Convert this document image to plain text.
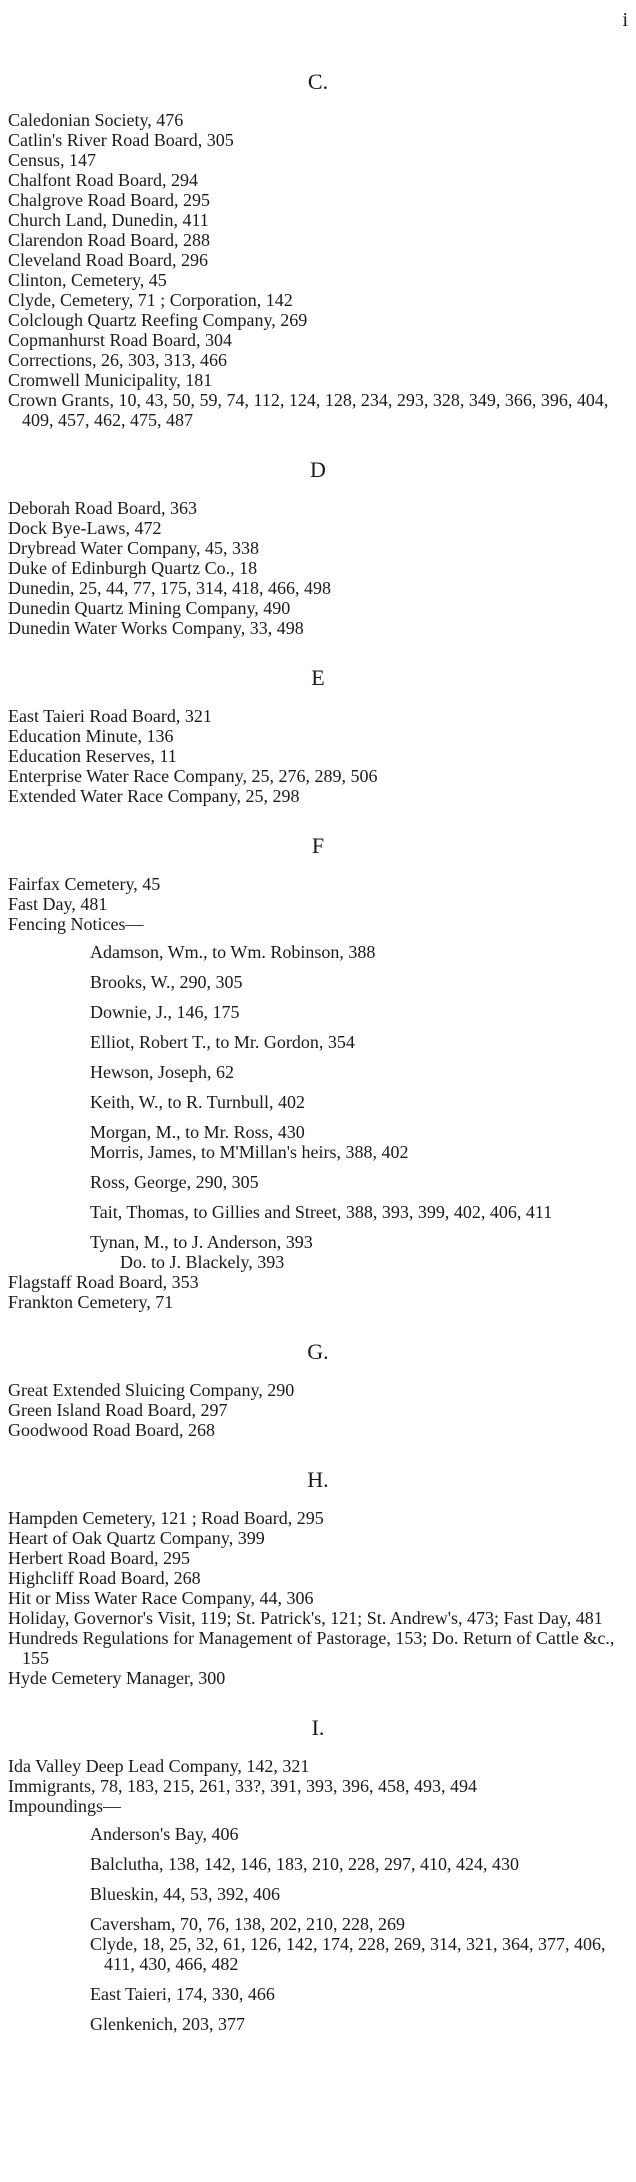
i
C.
Caledonian Society, 476
Catlin's River Road Board, 305
Census, 147
Chalfont Road Board, 294
Chalgrove Road Board, 295
Church Land, Dunedin, 411
Clarendon Road Board, 288
Cleveland Road Board, 296
Clinton, Cemetery, 45
Clyde, Cemetery, 71 ; Corporation, 142
Colclough Quartz Reefing Company, 269
Copmanhurst Road Board, 304
Corrections, 26, 303, 313, 466
Cromwell Municipality, 181
Crown Grants, 10, 43, 50, 59, 74, 112, 124, 128, 234, 293, 328, 349, 366, 396, 404, 409, 457, 462, 475, 487
D
Deborah Road Board, 363
Dock Bye-Laws, 472
Drybread Water Company, 45, 338
Duke of Edinburgh Quartz Co., 18
Dunedin, 25, 44, 77, 175, 314, 418, 466, 498
Dunedin Quartz Mining Company, 490
Dunedin Water Works Company, 33, 498
E
East Taieri Road Board, 321
Education Minute, 136
Education Reserves, 11
Enterprise Water Race Company, 25, 276, 289, 506
Extended Water Race Company, 25, 298
F
Fairfax Cemetery, 45
Fast Day, 481
Fencing Notices—
Adamson, Wm., to Wm. Robinson, 388
Brooks, W., 290, 305
Downie, J., 146, 175
Elliot, Robert T., to Mr. Gordon, 354
Hewson, Joseph, 62
Keith, W., to R. Turnbull, 402
Morgan, M., to Mr. Ross, 430
Morris, James, to M'Millan's heirs, 388, 402
Ross, George, 290, 305
Tait, Thomas, to Gillies and Street, 388, 393, 399, 402, 406, 411
Tynan, M., to J. Anderson, 393
Do. to J. Blackely, 393
Flagstaff Road Board, 353
Frankton Cemetery, 71
G.
Great Extended Sluicing Company, 290
Green Island Road Board, 297
Goodwood Road Board, 268
H.
Hampden Cemetery, 121 ; Road Board, 295
Heart of Oak Quartz Company, 399
Herbert Road Board, 295
Highcliff Road Board, 268
Hit or Miss Water Race Company, 44, 306
Holiday, Governor's Visit, 119; St. Patrick's, 121; St. Andrew's, 473; Fast Day, 481
Hundreds Regulations for Management of Pastorage, 153; Do. Return of Cattle &c., 155
Hyde Cemetery Manager, 300
I.
Ida Valley Deep Lead Company, 142, 321
Immigrants, 78, 183, 215, 261, 33?, 391, 393, 396, 458, 493, 494
Impoundings—
Anderson's Bay, 406
Balclutha, 138, 142, 146, 183, 210, 228, 297, 410, 424, 430
Blueskin, 44, 53, 392, 406
Caversham, 70, 76, 138, 202, 210, 228, 269
Clyde, 18, 25, 32, 61, 126, 142, 174, 228, 269, 314, 321, 364, 377, 406, 411, 430, 466, 482
East Taieri, 174, 330, 466
Glenkenich, 203, 377
